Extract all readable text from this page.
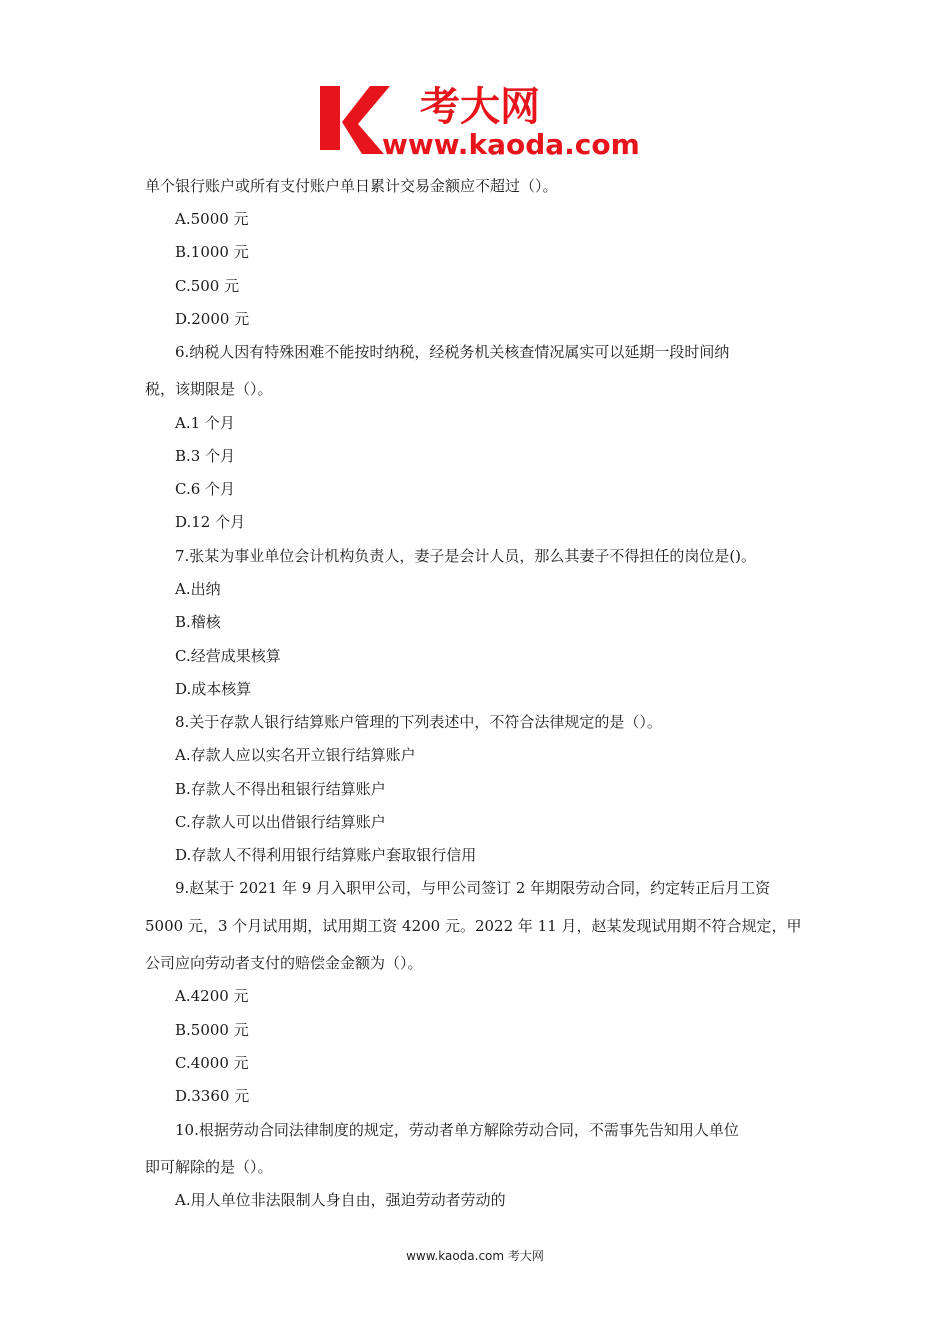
考大网
www.kaoda.com
单个银行账户或所有支付账户单日累计交易金额应不超过（）。
A.5000 元
B.1000 元
C.500 元
D.2000 元
6.纳税人因有特殊困难不能按时纳税，经税务机关核查情况属实可以延期一段时间纳
税，该期限是（）。
A.1 个月
B.3 个月
C.6 个月
D.12 个月
7.张某为事业单位会计机构负责人，妻子是会计人员，那么其妻子不得担任的岗位是()。
A.出纳
B.稽核
C.经营成果核算
D.成本核算
8.关于存款人银行结算账户管理的下列表述中，不符合法律规定的是（）。
A.存款人应以实名开立银行结算账户
B.存款人不得出租银行结算账户
C.存款人可以出借银行结算账户
D.存款人不得利用银行结算账户套取银行信用
9.赵某于 2021 年 9 月入职甲公司，与甲公司签订 2 年期限劳动合同，约定转正后月工资
5000 元，3 个月试用期，试用期工资 4200 元。2022 年 11 月，赵某发现试用期不符合规定，甲
公司应向劳动者支付的赔偿金金额为（）。
A.4200 元
B.5000 元
C.4000 元
D.3360 元
10.根据劳动合同法律制度的规定，劳动者单方解除劳动合同，不需事先告知用人单位
即可解除的是（）。
A.用人单位非法限制人身自由，强迫劳动者劳动的
www.kaoda.com 考大网
